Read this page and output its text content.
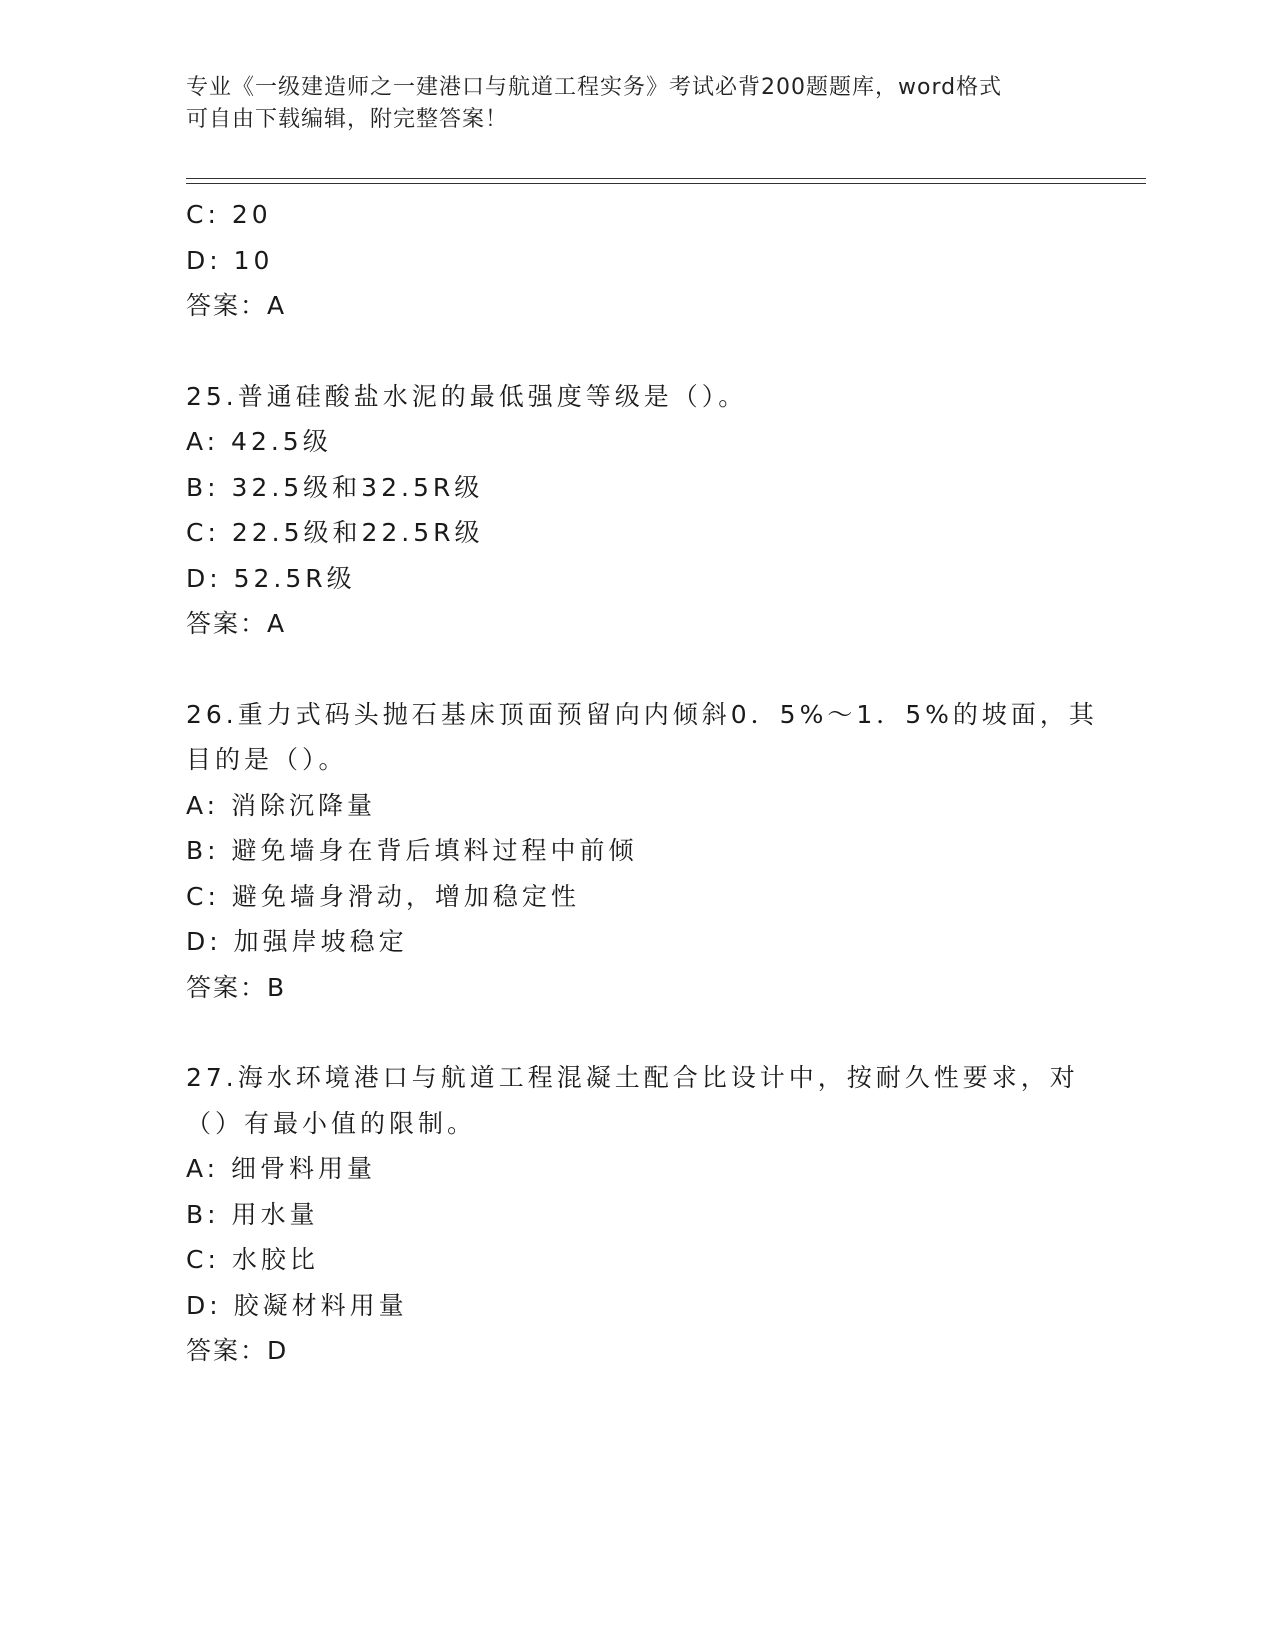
专业《一级建造师之一建港口与航道工程实务》考试必背200题题库，word格式
可自由下载编辑，附完整答案！
C: 20
D: 10
答案：A
25.普通硅酸盐水泥的最低强度等级是（）。
A: 42.5级
B: 32.5级和32.5R级
C: 22.5级和22.5R级
D: 52.5R级
答案：A
26.重力式码头抛石基床顶面预留向内倾斜0．5%～1．5%的坡面，其
目的是（）。
A: 消除沉降量
B: 避免墙身在背后填料过程中前倾
C: 避免墙身滑动，增加稳定性
D: 加强岸坡稳定
答案：B
27.海水环境港口与航道工程混凝土配合比设计中，按耐久性要求，对
（）有最小值的限制。
A: 细骨料用量
B: 用水量
C: 水胶比
D: 胶凝材料用量
答案：D
